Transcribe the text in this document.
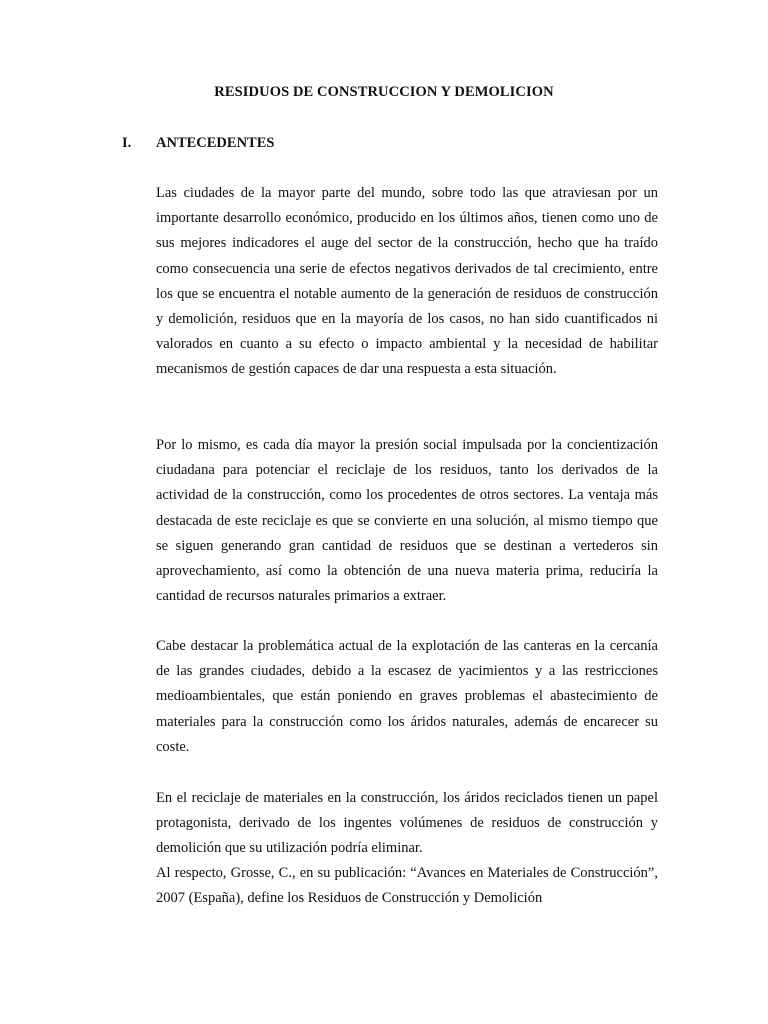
RESIDUOS DE CONSTRUCCION Y DEMOLICION
I. ANTECEDENTES

Las ciudades de la mayor parte del mundo, sobre todo las que atraviesan por un importante desarrollo económico, producido en los últimos años, tienen como uno de sus mejores indicadores el auge del sector de la construcción, hecho que ha traído como consecuencia una serie de efectos negativos derivados de tal crecimiento, entre los que se encuentra el notable aumento de la generación de residuos de construcción y demolición, residuos que en la mayoría de los casos, no han sido cuantificados ni valorados en cuanto a su efecto o impacto ambiental y la necesidad de habilitar mecanismos de gestión capaces de dar una respuesta a esta situación.

Por lo mismo, es cada día mayor la presión social impulsada por la concientización ciudadana para potenciar el reciclaje de los residuos, tanto los derivados de la actividad de la construcción, como los procedentes de otros sectores. La ventaja más destacada de este reciclaje es que se convierte en una solución, al mismo tiempo que se siguen generando gran cantidad de residuos que se destinan a vertederos sin aprovechamiento, así como la obtención de una nueva materia prima, reduciría la cantidad de recursos naturales primarios a extraer.

Cabe destacar la problemática actual de la explotación de las canteras en la cercanía de las grandes ciudades, debido a la escasez de yacimientos y a las restricciones medioambientales, que están poniendo en graves problemas el abastecimiento de materiales para la construcción como los áridos naturales, además de encarecer su coste.

En el reciclaje de materiales en la construcción, los áridos reciclados tienen un papel protagonista, derivado de los ingentes volúmenes de residuos de construcción y demolición que su utilización podría eliminar.

Al respecto, Grosse, C., en su publicación: “Avances en Materiales de Construcción”, 2007 (España), define los Residuos de Construcción y Demolición
